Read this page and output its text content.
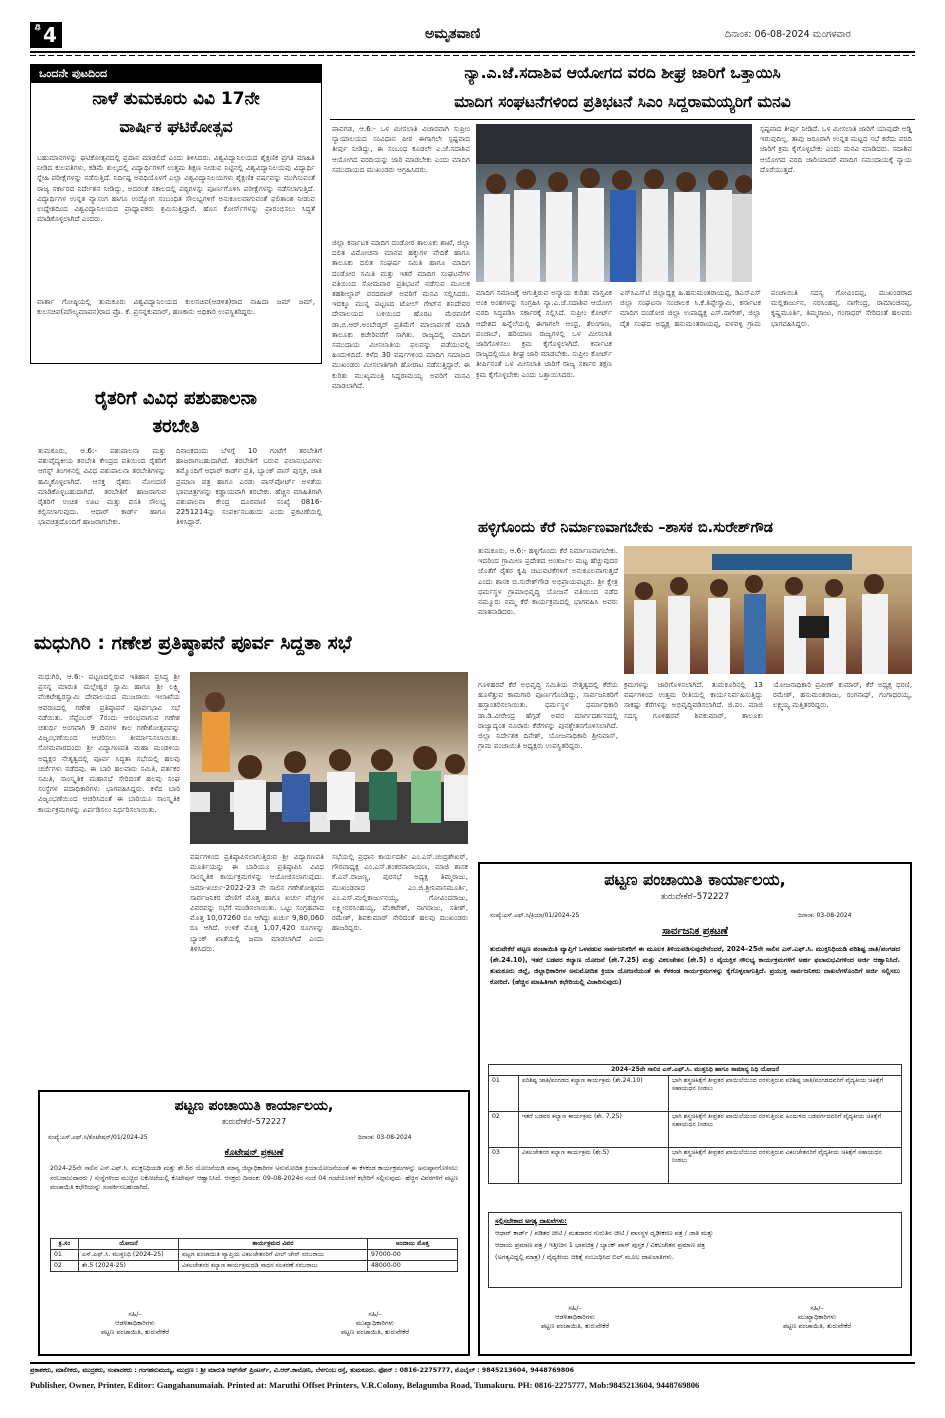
ಪು 4	ಅಮೃತವಾಣಿ	ದಿನಾಂಕ: 06-08-2024 ಮಂಗಳವಾರ
ಒಂದನೇ ಪುಟದಿಂದ
ನಾಳೆ ತುಮಕೂರು ವಿವಿ 17ನೇ
ವಾರ್ಷಿಕ ಘಟಿಕೋತ್ಸವ
ಬಹುಮಾನಗಳನ್ನು ಘಟಿಕೋತ್ಸವದಲ್ಲಿ ಪ್ರದಾನ ಮಾಡಲಿದೆ ಎಂದು ತಿಳಿಸಿದರು. ವಿಶ್ವವಿದ್ಯಾನಿಲಯದ ಶೈಕ್ಷಣಿಕ ಪ್ರಗತಿ ಮಾಹಿತಿ ನೀಡಿದ ಕುಲಪತಿಗಳು, ಕಡಿಮೆ ಶುಲ್ಕದಲ್ಲಿ ವಿದ್ಯಾರ್ಥಿಗಳಿಗೆ ಉತ್ತಮ ಶಿಕ್ಷಣ ನೀಡುವ ನಿಟ್ಟಿನಲ್ಲಿ ವಿಶ್ವವಿದ್ಯಾನಿಲಯವು ವಿದ್ಯಾರ್ಥಿ ಸ್ನೇಹಿ ಪರೀಕ್ಷೆಗಳನ್ನು ನಡೆಸುತ್ತಿದೆ. ನಿರ್ದಿಷ್ಟ ಅವಧಿಯೊಳಗೆ ಎಲ್ಲಾ ವಿಶ್ವವಿದ್ಯಾನಿಲಯಗಳು ಶೈಕ್ಷಣಿಕ ವರ್ಷವನ್ನು ಮುಗಿಸುವಂತೆ ರಾಜ್ಯ ಸರ್ಕಾರದ ನಿರ್ದೇಶನ ನೀಡಿದ್ದು, ಅದರಂತೆ ಸಕಾಲದಲ್ಲಿ ಪಠ್ಯಗಳನ್ನು ಪೂರ್ಣಗೊಳಿಸಿ ಪರೀಕ್ಷೆಗಳನ್ನು ನಡೆಸಲಾಗುತ್ತಿದೆ. ವಿದ್ಯಾರ್ಥಿಗಳ ಉನ್ನತ ವ್ಯಾಸಂಗ ಹಾಗೂ ಉದ್ಯೋಗ ಸಂಬಂಧಿತ ಸೌಲಭ್ಯಗಳಿಗೆ ಅನುಕೂಲವಾಗುವಂತೆ ಫಲಿತಾಂಶ ನೀಡುವ ಉದ್ದೇಶದಿಂದ ವಿಶ್ವವಿದ್ಯಾನಿಲಯದ ಪ್ರಾಧ್ಯಾಪಕರು ಶ್ರಮಿಸುತ್ತಿದ್ದಾರೆ. ಹೊಸ ಕೋರ್ಸ್‌ಗಳನ್ನು ಪ್ರಾರಂಭಿಸಲು ಸಿದ್ಧತೆ ಮಾಡಿಕೊಳ್ಳಲಾಗಿದೆ ಎಂದರು.
ವಾರ್ತಾ ಗೋಷ್ಠಿಯಲ್ಲಿ ತುಮಕೂರು ವಿಶ್ವವಿದ್ಯಾನಿಲಯದ ಕುಲಸಚಿವ(ಆಡಳಿತ)ರಾದ ನಾಹಿದಾ ಜಮ್ ಜಮ್, ಕುಲಸಚಿವ(ಮೌಲ್ಯಮಾಪನ)ರಾದ ಪ್ರೊ. ಕೆ. ಪ್ರಸನ್ನಕುಮಾರ್, ಹಣಕಾಸು ಅಧಿಕಾರಿ ಉಪಸ್ಥಿತರಿದ್ದರು.
ರೈತರಿಗೆ ವಿವಿಧ ಪಶುಪಾಲನಾ
ತರಬೇತಿ
ತುಮಕೂರು, ಆ.6:- ಪಶುಪಾಲನಾ ಮತ್ತು ಪಶುವೈದ್ಯಕೀಯ ತರಬೇತಿ ಕೇಂದ್ರದ ವತಿಯಿಂದ ರೈತರಿಗೆ ಆಗಸ್ಟ್ ತಿಂಗಳಿನಲ್ಲಿ ವಿವಿಧ ಪಶುಪಾಲನಾ ತರಬೇತಿಗಳನ್ನು ಹಮ್ಮಿಕೊಳ್ಳಲಾಗಿದೆ. ಆಸಕ್ತ ರೈತರು ನೋಂದಣಿ ಮಾಡಿಕೊಳ್ಳಬಹುದಾಗಿದೆ. ತರಬೇತಿಗೆ ಹಾಜರಾಗುವ ರೈತರಿಗೆ ಉಚಿತ ಊಟ ಮತ್ತು ವಸತಿ ಸೌಲಭ್ಯ ಕಲ್ಪಿಸಲಾಗುವುದು. ಆಧಾರ್ ಕಾರ್ಡ್ ಹಾಗೂ ಭಾವಚಿತ್ರದೊಂದಿಗೆ ಹಾಜರಾಗಬೇಕು.
ದಿನಾಂಕದಂದು ಬೆಳಗ್ಗೆ 10 ಗಂಟೆಗೆ ತರಬೇತಿಗೆ ಹಾಜರಾಗಬಹುದಾಗಿದೆ. ತರಬೇತಿಗೆ ಬರುವ ಫಲಾನುಭವಿಗಳು ತಮ್ಮೊಂದಿಗೆ ಆಧಾರ್ ಕಾರ್ಡ್ ಪ್ರತಿ, ಬ್ಯಾಂಕ್ ಪಾಸ್ ಪುಸ್ತಕ, ಜಾತಿ ಪ್ರಮಾಣ ಪತ್ರ ಹಾಗೂ ಎರಡು ಪಾಸ್‌ಪೋರ್ಟ್ ಅಳತೆಯ ಭಾವಚಿತ್ರಗಳನ್ನು ಕಡ್ಡಾಯವಾಗಿ ತರಬೇಕು. ಹೆಚ್ಚಿನ ಮಾಹಿತಿಗಾಗಿ ಪಶುಪಾಲನಾ ಕೇಂದ್ರ ದೂರವಾಣಿ ಸಂಖ್ಯೆ 0816-2251214ನ್ನು ಸಂಪರ್ಕಿಸಬಹುದು ಎಂದು ಪ್ರಕಟಣೆಯಲ್ಲಿ ತಿಳಿಸಿದ್ದಾರೆ.
ಮಧುಗಿರಿ : ಗಣೇಶ ಪ್ರತಿಷ್ಠಾಪನೆ ಪೂರ್ವ ಸಿದ್ದತಾ ಸಭೆ
ಮಧುಗಿರಿ, ಆ.6:- ಪಟ್ಟಣದಲ್ಲಿರುವ ಇತಿಹಾಸ ಪ್ರಸಿದ್ಧ ಶ್ರೀ ಪ್ರಸನ್ನ ಮಾರುತಿ ಮಲ್ಲೇಶ್ವರ ಸ್ವಾಮಿ ಹಾಗೂ ಶ್ರೀ ಲಕ್ಷ್ಮಿ ವೆಂಕಟೇಶ್ವರಸ್ವಾಮಿ ದೇವಾಲಯದ ಮುಜರಾಯಿ ಇಲಾಖೆಯ ಆವರಣದಲ್ಲಿ ಗಣೇಶ ಪ್ರತಿಷ್ಠಾಪನೆ ಪೂರ್ವಭಾವಿ ಸಭೆ ನಡೆಯಿತು. ಸೆಪ್ಟೆಂಬರ್ 7ರಂದು ಆರಂಭವಾಗುವ ಗಣೇಶ ಚತುರ್ಥಿ ಅಂಗವಾಗಿ 9 ದಿನಗಳ ಕಾಲ ಗಣೇಶೋತ್ಸವವನ್ನು ವಿಜೃಂಭಣೆಯಿಂದ ಆಚರಿಸಲು ತೀರ್ಮಾನಿಸಲಾಯಿತು. ಸೋಮವಾರದಂದು ಶ್ರೀ ವಿದ್ಯಾಗಣಪತಿ ಮಹಾ ಮಂಡಳಿಯ ಅಧ್ಯಕ್ಷರ ನೇತೃತ್ವದಲ್ಲಿ ಪೂರ್ವ ಸಿದ್ಧತಾ ಸಭೆಯಲ್ಲಿ ಹಲವು ಚರ್ಚೆಗಳು ನಡೆದವು. ಈ ಬಾರಿ ಹಲವಾರು ಸಮಿತಿ, ವರ್ತಕರ ಸಮಿತಿ, ಸಾಂಸ್ಕೃತಿಕ ಮಹಾಸಭೆ ಸೇರಿದಂತೆ ಹಲವು ಸಂಘ ಸಂಸ್ಥೆಗಳ ಪದಾಧಿಕಾರಿಗಳು ಭಾಗವಹಿಸಿದ್ದರು. ಕಳೆದ ಬಾರಿ ವಿಜೃಂಭಣೆಯಿಂದ ಆಚರಿಸಿದಂತೆ ಈ ಬಾರಿಯೂ ಸಾಂಸ್ಕೃತಿಕ ಕಾರ್ಯಕ್ರಮಗಳನ್ನು ಏರ್ಪಡಿಸಲು ನಿರ್ಧರಿಸಲಾಯಿತು.
ವರ್ಷಗಳಿಂದ ಪ್ರತಿಷ್ಠಾಪಿಸಲಾಗುತ್ತಿರುವ ಶ್ರೀ ವಿದ್ಯಾಗಣಪತಿ ಮೂರ್ತಿಯನ್ನು ಈ ಬಾರಿಯೂ ಪ್ರತಿಷ್ಠಾಪಿಸಿ ವಿವಿಧ ಸಾಂಸ್ಕೃತಿಕ ಕಾರ್ಯಕ್ರಮಗಳನ್ನು ಆಯೋಜಿಸಲಾಗುವುದು. ಜಮಾ-ಖರ್ಚು-2022-23 ನೇ ಸಾಲಿನ ಗಣೇಶೋತ್ಸವದ ಸಾರ್ವಜನಿಕರ ದೇಣಿಗೆ ಮೊತ್ತ ಹಾಗೂ ಖರ್ಚು ವೆಚ್ಚಗಳ ವಿವರವನ್ನು ಸಭೆಗೆ ಮಂಡಿಸಲಾಯಿತು. ಒಟ್ಟು ಸಂಗ್ರಹವಾದ ಮೊತ್ತ 10,07260 ರೂ ಆಗಿದ್ದು ಖರ್ಚು 9,80,060 ರೂ ಆಗಿದೆ. ಉಳಿಕೆ ಮೊತ್ತ 1,07,420 ರೂಗಳನ್ನು ಬ್ಯಾಂಕ್ ಖಾತೆಯಲ್ಲಿ ಜಮಾ ಮಾಡಲಾಗಿದೆ ಎಂದು ತಿಳಿಸಿದರು.
ಸಭೆಯಲ್ಲಿ ಪ್ರಧಾನ ಕಾರ್ಯದರ್ಶಿ ಎಂ.ಎಸ್.ಚಂದ್ರಶೇಖರ್, ಗೌರವಾಧ್ಯಕ್ಷ ಎಂ.ಎಸ್.ಶಂಕರನಾರಾಯಣ, ಮಾಜಿ ಶಾಸಕ ಕೆ.ಎನ್.ರಾಜಣ್ಣ, ಪುರಸಭೆ ಅಧ್ಯಕ್ಷ ತಿಮ್ಮರಾಜು, ಮುಖಂಡರಾದ ಎಂ.ಜಿ.ಶ್ರೀನಿವಾಸಮೂರ್ತಿ, ಎಂ.ಎಸ್.ಮಲ್ಲಿಕಾರ್ಜುನಯ್ಯ, ಗೋವಿಂದರಾಜು, ಲಕ್ಷ್ಮೀನರಸಿಂಹಯ್ಯ, ವೆಂಕಟೇಶ್, ನಾಗರಾಜು, ಸತೀಶ್, ರಮೇಶ್, ಶಿವಕುಮಾರ್ ಸೇರಿದಂತೆ ಹಲವು ಮುಖಂಡರು ಹಾಜರಿದ್ದರು.
ನ್ಯಾ.ಎ.ಜೆ.ಸದಾಶಿವ ಆಯೋಗದ ವರದಿ ಶೀಘ್ರ ಜಾರಿಗೆ ಒತ್ತಾಯಿಸಿ
ಮಾದಿಗ ಸಂಘಟನೆಗಳಿಂದ ಪ್ರತಿಭಟನೆ ಸಿಎಂ ಸಿದ್ದರಾಮಯ್ಯರಿಗೆ ಮನವಿ
ಪಾವಗಡ, ಆ.6:- ಒಳ ಮೀಸಲಾತಿ ವಿಚಾರವಾಗಿ ಸುಪ್ರೀಂ ನ್ಯಾಯಾಲಯದ ಸಂವಿಧಾನ ಪೀಠ ಈಗಾಗಲೇ ಸ್ಪಷ್ಟವಾದ ತೀರ್ಪು ನೀಡಿದ್ದು, ಈ ಸಂಬಂಧ ಕೂಡಲೇ ಎ.ಜೆ.ಸದಾಶಿವ ಆಯೋಗದ ವರದಿಯನ್ನು ಜಾರಿ ಮಾಡಬೇಕು ಎಂದು ಮಾದಿಗ ಸಮುದಾಯದ ಮುಖಂಡರು ಆಗ್ರಹಿಸಿದರು.
ಸ್ಪಷ್ಟವಾದ ತೀರ್ಪು ನೀಡಿದೆ. ಒಳ ಮೀಸಲಾತಿ ಜಾರಿಗೆ ಯಾವುದೇ ಅಡ್ಡಿ ಇರುವುದಿಲ್ಲ. ತಾವು ಜರೂರಾಗಿ ಉನ್ನತ ಮಟ್ಟದ ಸಭೆ ಕರೆದು ವರದಿ ಜಾರಿಗೆ ಕ್ರಮ ಕೈಗೊಳ್ಳಬೇಕು ಎಂದು ಮನವಿ ಮಾಡಿದರು. ಸದಾಶಿವ ಆಯೋಗದ ವರದಿ ಜಾರಿಯಾದರೆ ಮಾದಿಗ ಸಮುದಾಯಕ್ಕೆ ನ್ಯಾಯ ದೊರೆಯುತ್ತದೆ.
ಜಿಲ್ಲಾ ಕರ್ನಾಟಕ ಮಾದಿಗ ದಂಡೋರ ತಾಲೂಕು ಶಾಖೆ, ಜಿಲ್ಲಾ ದಲಿತ ವಿಮೋಚನಾ ಮಾನವ ಹಕ್ಕುಗಳ ವೇದಿಕೆ ಹಾಗೂ ತಾಲೂಕು ದಲಿತ ಸಂಘರ್ಷ ಸಮಿತಿ ಹಾಗೂ ಮಾದಿಗ ದಂಡೋರ ಸಮಿತಿ ಮತ್ತು ಇತರೆ ಮಾದಿಗ ಸಂಘಟನೆಗಳ ವತಿಯಿಂದ ಸೋಮವಾರ ಪ್ರತಿಭಟನೆ ನಡೆಸುವ ಮೂಲಕ ತಹಶೀಲ್ದಾರ್ ವರದರಾಜ್ ಅವರಿಗೆ ಮನವಿ ಸಲ್ಲಿಸಿದರು. ಇದಕ್ಕೂ ಮುನ್ನ ಪಟ್ಟಣದ ಟೋಲ್ ಗೇಟ್‌ನ ಶನಿದೇವರ ದೇವಾಲಯದ ಬಳಿಯಿಂದ ಹೊರಟ ಮೆರವಣಿಗೆ ಡಾ.ಬಿ.ಆರ್.ಅಂಬೇಡ್ಕರ್ ಪ್ರತಿಮೆಗೆ ಮಾಲಾರ್ಪಣೆ ಮಾಡಿ ತಾಲೂಕು ಕಚೇರಿವರೆಗೆ ಸಾಗಿತು. ರಾಜ್ಯದಲ್ಲಿ ಮಾದಿಗ ಸಮುದಾಯ ಮೀಸಲಾತಿಯ ಫಲವನ್ನು ಪಡೆಯುವಲ್ಲಿ ಹಿಂದುಳಿದಿದೆ. ಕಳೆದ 30 ವರ್ಷಗಳಿಂದ ಮಾದಿಗ ಸಮಾಜದ ಮುಖಂಡರು ಮೀಸಲಾತಿಗಾಗಿ ಹೋರಾಟ ನಡೆಸುತ್ತಿದ್ದಾರೆ. ಈ ಕುರಿತು ಮುಖ್ಯಮಂತ್ರಿ ಸಿದ್ದರಾಮಯ್ಯ ಅವರಿಗೆ ಮನವಿ ಮಾಡಲಾಗಿದೆ.
ಮಾದಿಗ ಸಮಾಜಕ್ಕೆ ಆಗುತ್ತಿರುವ ಅನ್ಯಾಯ ಕುರಿತು ವಾಸ್ತವಿಕ ಅಂಕಿ ಅಂಶಗಳನ್ನು ಸಂಗ್ರಹಿಸಿ ನ್ಯಾ.ಎ.ಜೆ.ಸದಾಶಿವ ಆಯೋಗ ವರದಿ ಸಿದ್ಧಪಡಿಸಿ ಸರ್ಕಾರಕ್ಕೆ ಸಲ್ಲಿಸಿದೆ. ಸುಪ್ರೀಂ ಕೋರ್ಟ್ ಆದೇಶದ ಹಿನ್ನೆಲೆಯಲ್ಲಿ ಈಗಾಗಲೇ ಆಂಧ್ರ, ತೆಲಂಗಾಣ, ಪಂಜಾಬ್, ಹರಿಯಾಣ ರಾಜ್ಯಗಳಲ್ಲಿ ಒಳ ಮೀಸಲಾತಿ ಜಾರಿಗೊಳಿಸಲು ಕ್ರಮ ಕೈಗೊಳ್ಳಲಾಗಿದೆ. ಕರ್ನಾಟಕ ರಾಜ್ಯದಲ್ಲಿಯೂ ಶೀಘ್ರ ಜಾರಿ ಮಾಡಬೇಕು. ಸುಪ್ರೀಂ ಕೋರ್ಟ್ ತೀರ್ಪಿನಂತೆ ಒಳ ಮೀಸಲಾತಿ ಜಾರಿಗೆ ರಾಜ್ಯ ಸರ್ಕಾರ ತಕ್ಷಣ ಕ್ರಮ ಕೈಗೊಳ್ಳಬೇಕು ಎಂದು ಒತ್ತಾಯಿಸಿದರು.
ಎಸ್‌ಸಿಎಸ್‌ಟಿ ಜಿಲ್ಲಾಧ್ಯಕ್ಷ ಹಿ.ಹನುಮಂತರಾಯಪ್ಪ, ಡಿಎಸ್‌ಎಸ್ ಜಿಲ್ಲಾ ಸಂಘಟನಾ ಸಂಚಾಲಕ ಸಿ.ಕೆ.ತಿಪ್ಪೇಸ್ವಾಮಿ, ಕರ್ನಾಟಕ ಮಾದಿಗ ದಂಡೋರ ಜಿಲ್ಲಾ ಉಪಾಧ್ಯಕ್ಷ ಎಸ್.ನಾಗೇಶ್, ಜಿಲ್ಲಾ ದೈತ ಸಂಘದ ಅಧ್ಯಕ್ಷ ಹನುಮಂತರಾಯಪ್ಪ, ಪಳವಳ್ಳಿ ಗ್ರಾಮ ಪಂಚಾಯಿತಿ ಸದಸ್ಯ ಗೋವಿಂದಪ್ಪ, ಮುಖಂಡರಾದ ಮಲ್ಲಿಕಾರ್ಜುನ, ನರಸಿಂಹಪ್ಪ, ನಾಗೇಂದ್ರ, ರಾಮಾಂಜಿನಪ್ಪ, ಕೃಷ್ಣಮೂರ್ತಿ, ತಿಮ್ಮರಾಜು, ಗಂಗಾಧರ್ ಸೇರಿದಂತೆ ಹಲವರು ಭಾಗವಹಿಸಿದ್ದರು.
ಹಳ್ಳಿಗೊಂದು ಕೆರೆ ನಿರ್ಮಾಣವಾಗಬೇಕು –ಶಾಸಕ ಬಿ.ಸುರೇಶ್‌ಗೌಡ
ತುಮಕೂರು, ಆ.6:- ಹಳ್ಳಿಗೊಂದು ಕೆರೆ ನಿರ್ಮಾಣವಾಗಬೇಕು. ಇದರಿಂದ ಗ್ರಾಮೀಣ ಪ್ರದೇಶದ ಅಂತರ್ಜಲ ಮಟ್ಟ ಹೆಚ್ಚುವುದರ ಜೊತೆಗೆ ರೈತರ ಕೃಷಿ ಚಟುವಟಿಕೆಗಳಿಗೆ ಅನುಕೂಲವಾಗುತ್ತದೆ ಎಂದು ಶಾಸಕ ಬಿ.ಸುರೇಶ್‌ಗೌಡ ಅಭಿಪ್ರಾಯಪಟ್ಟರು. ಶ್ರೀ ಕ್ಷೇತ್ರ ಧರ್ಮಸ್ಥಳ ಗ್ರಾಮಾಭಿವೃದ್ಧಿ ಯೋಜನೆ ವತಿಯಿಂದ ನಡೆದ ನಮ್ಮೂರು ನಮ್ಮ ಕೆರೆ ಕಾರ್ಯಕ್ರಮದಲ್ಲಿ ಭಾಗವಹಿಸಿ ಅವರು ಮಾತನಾಡಿದರು.
ಗೂಳಿಹರವೆ ಕೆರೆ ಅಭಿವೃದ್ಧಿ ಸಮಿತಿಯ ನೇತೃತ್ವದಲ್ಲಿ ಕೆರೆಯ ಹೂಳೆತ್ತುವ ಕಾಮಗಾರಿ ಪೂರ್ಣಗೊಂಡಿದ್ದು, ಸಾರ್ವಜನಿಕರಿಗೆ ಹಸ್ತಾಂತರಿಸಲಾಯಿತು. ಧರ್ಮಸ್ಥಳ ಧರ್ಮಾಧಿಕಾರಿ ಡಾ.ಡಿ.ವೀರೇಂದ್ರ ಹೆಗ್ಗಡೆ ಅವರ ಮಾರ್ಗದರ್ಶನದಲ್ಲಿ ರಾಜ್ಯಾದ್ಯಂತ ನೂರಾರು ಕೆರೆಗಳನ್ನು ಪುನಶ್ಚೇತನಗೊಳಿಸಲಾಗಿದೆ. ಜಿಲ್ಲಾ ನಿರ್ದೇಶಕ ದಿನೇಶ್, ಯೋಜನಾಧಿಕಾರಿ ಶ್ರೀನಿವಾಸ್, ಗ್ರಾಮ ಪಂಚಾಯಿತಿ ಅಧ್ಯಕ್ಷರು ಉಪಸ್ಥಿತರಿದ್ದರು.
ಕ್ರಮಗಳನ್ನು ಜಾರಿಗೊಳಿಸಲಾಗಿದೆ. ತುಮಕೂರಿನಲ್ಲಿ 13 ವರ್ಷಗಳಿಂದ ಉತ್ತಮ ರೀತಿಯಲ್ಲಿ ಕಾರ್ಯನಿರ್ವಹಿಸುತ್ತಿದ್ದು ಸಾಕಷ್ಟು ಕೆರೆಗಳನ್ನು ಅಭಿವೃದ್ಧಿಪಡಿಸಲಾಗಿದೆ. ಜಿ.ಪಂ. ಮಾಜಿ ಸದಸ್ಯ ಗೂಳಿಹರವೆ ಶಿವಕುಮಾರ್, ತಾಲೂಕು ಯೋಜನಾಧಿಕಾರಿ ಪ್ರವೀಣ್ ಕುಮಾರ್, ಕೆರೆ ಅಧ್ಯಕ್ಷ ಧರಣಿ, ರಮೇಶ್, ಹನುಮಂತರಾಜು, ರಂಗನಾಥ್, ಗಂಗಾಧರಯ್ಯ, ಲಕ್ಷ್ಮಯ್ಯ ಮತ್ತಿತರರಿದ್ದರು.
ಪಟ್ಟಣ ಪಂಚಾಯಿತಿ ಕಾರ್ಯಾಲಯ,
ತುರುವೇಕೆರೆ–572227
ಸಂಖ್ಯೆ:ಎಸ್.ಎಫ್.ಸಿ/ಕೊಟೇಷನ್/01/2024-25	ದಿನಾಂಕ: 03-08-2024
ಕೊಟೇಷನ್ ಪ್ರಕಟಣೆ
2024-25ನೇ ಸಾಲಿನ ಎಸ್.ಎಫ್.ಸಿ. ಮುಕ್ತನಿಧಿಯಡಿ ಮತ್ತು ಶೇ.5ರ ಯೋಜನೆಯಡಿ ಮಾನ್ಯ ಜಿಲ್ಲಾಧಿಕಾರಿಗಳ ಅನುಮೋದಿತ ಕ್ರಿಯಾಯೋಜನೆಯಂತೆ ಈ ಕೆಳಕಂಡ ಕಾರ್ಯಕ್ರಮಗಳನ್ನು ಅನುಷ್ಠಾನಗೊಳಿಸಲು ಸರಬರಾಜುದಾರರು / ಸಂಸ್ಥೆಗಳಿಂದ ಮುಚ್ಚಿದ ಲಕೋಟೆಯಲ್ಲಿ ಕೊಟೇಷನ್ ಆಹ್ವಾನಿಸಿದೆ. ಆಸಕ್ತರು ದಿನಾಂಕ: 09-08-2024ರ ಸಂಜೆ 04 ಗಂಟೆಯೊಳಗೆ ಕಛೇರಿಗೆ ಸಲ್ಲಿಸುವುದು. ಹೆಚ್ಚಿನ ವಿವರಗಳಿಗೆ ಪಟ್ಟಣ ಪಂಚಾಯಿತಿ ಕಛೇರಿಯನ್ನು ಸಂಪರ್ಕಿಸಬಹುದಾಗಿದೆ.
ಕ್ರ.ಸಂ	ಯೋಜನೆ	ಕಾರ್ಯಕ್ರಮದ ವಿವರ	ಅಂದಾಜು ಮೊತ್ತ
01	ಎಸ್.ಎಫ್.ಸಿ. ಮುಕ್ತನಿಧಿ (2024-25)	ಪಟ್ಟಣ ಪಂಚಾಯಿತಿ ವ್ಯಾಪ್ತಿಯ ವಿಕಲಚೇತನರಿಗೆ ವೀಲ್ ಚೇರ್ ಸರಬರಾಜು	97000-00
02	ಶೇ.5 (2024-25)	ವಿಕಲಚೇತನರ ಕಲ್ಯಾಣ ಕಾರ್ಯಕ್ರಮದಡಿ ಸಾಧನ ಸಲಕರಣೆ ಸರಬರಾಜು	48000-00
ಸಹಿ/–
ಆಡಳಿತಾಧಿಕಾರಿಗಳು
ಪಟ್ಟಣ ಪಂಚಾಯಿತಿ, ತುರುವೇಕೆರೆ
ಸಹಿ/–
ಮುಖ್ಯಾಧಿಕಾರಿಗಳು
ಪಟ್ಟಣ ಪಂಚಾಯಿತಿ, ತುರುವೇಕೆರೆ
ಪಟ್ಟಣ ಪಂಚಾಯಿತಿ ಕಾರ್ಯಾಲಯ,
ತುರುವೇಕೆರೆ–572227
ಸಂಖ್ಯೆ:ಎಸ್.ಎಫ್.ಸಿ/ಕ್ರಿಯಾ/01/2024-25	ದಿನಾಂಕ: 03-08-2024
ಸಾರ್ವಜನಿಕ ಪ್ರಕಟಣೆ
ತುರುವೇಕೆರೆ ಪಟ್ಟಣ ಪಂಚಾಯಿತಿ ವ್ಯಾಪ್ತಿಗೆ ಒಳಪಡುವ ಸಾರ್ವಜನಿಕರಿಗೆ ಈ ಮೂಲಕ ತಿಳಿಯಪಡಿಸುವುದೇನೆಂದರೆ, 2024–25ನೇ ಸಾಲಿನ ಎಸ್.ಎಫ್.ಸಿ. ಮುಕ್ತನಿಧಿಯಡಿ ಪರಿಶಿಷ್ಟ ಜಾತಿ/ಪಂಗಡದ (ಶೇ.24.10), ಇತರೆ ಬಡವರ ಕಲ್ಯಾಣ ಯೋಜನೆ (ಶೇ.7.25) ಮತ್ತು ವಿಕಲಚೇತನ (ಶೇ.5) ರ ವೈಯಕ್ತಿಕ ಸೌಲಭ್ಯ ಕಾರ್ಯಕ್ರಮಗಳಿಗೆ ಅರ್ಹ ಫಲಾನುಭವಿಗಳಿಂದ ಅರ್ಜಿ ಆಹ್ವಾನಿಸಿದೆ. ತುಮಕೂರು ಜಿಲ್ಲೆ, ಜಿಲ್ಲಾಧಿಕಾರಿಗಳ ಅನುಮೋದಿತ ಕ್ರಿಯಾ ಯೋಜನೆಯಂತೆ ಈ ಕೆಳಕಂಡ ಕಾರ್ಯಕ್ರಮಗಳನ್ನು ಕೈಗೊಳ್ಳಲಾಗುತ್ತಿದೆ. ಪ್ರಯುಕ್ತ ಸಾರ್ವಜನಿಕರು ದಾಖಲೆಗಳೊಂದಿಗೆ ಅರ್ಜಿ ಸಲ್ಲಿಸಲು ಕೋರಿದೆ. (ಹೆಚ್ಚಿನ ಮಾಹಿತಿಗಾಗಿ ಕಛೇರಿಯಲ್ಲಿ ವಿಚಾರಿಸುವುದು)
2024–25ನೇ ಸಾಲಿನ ಎಸ್.ಎಫ್.ಸಿ. ಮುಕ್ತನಿಧಿ ಹಾಗೂ ಸಾಮಾನ್ಯ ನಿಧಿ ಯೋಜನೆ		
01	ಪರಿಶಿಷ್ಟ ಜಾತಿ/ಪಂಗಡದ ಕಲ್ಯಾಣ ಕಾರ್ಯಕ್ರಮ (ಶೇ.24.10)	ಭಾಗಿ ಶಸ್ತ್ರಚಿಕಿತ್ಸೆಗೆ ತೀವ್ರತರ ಖಾಯಿಲೆಯಿಂದ ನರಳುತ್ತಿರುವ ಪರಿಶಿಷ್ಟ ಜಾತಿ/ಪಂಗಡದವರಿಗೆ ವೈದ್ಯಕೀಯ ಚಿಕಿತ್ಸೆಗೆ ಸಹಾಯಧನ ನೀಡಲು
02	ಇತರೆ ಬಡವರ ಕಲ್ಯಾಣ ಕಾರ್ಯಕ್ರಮ (ಶೇ. 7.25)	ಭಾಗಿ ಶಸ್ತ್ರಚಿಕಿತ್ಸೆಗೆ ತೀವ್ರತರ ಖಾಯಿಲೆಯಿಂದ ನರಳುತ್ತಿರುವ ಹಿಂದುಳಿದ ಬಡವರ್ಗದವರಿಗೆ ವೈದ್ಯಕೀಯ ಚಿಕಿತ್ಸೆಗೆ ಸಹಾಯಧನ ನೀಡಲು
03	ವಿಕಲಚೇತನರ ಕಲ್ಯಾಣ ಕಾರ್ಯಕ್ರಮ (ಶೇ.5)	ಭಾಗಿ ಶಸ್ತ್ರಚಿಕಿತ್ಸೆಗೆ ತೀವ್ರತರ ಖಾಯಿಲೆಯಿಂದ ನರಳುತ್ತಿರುವ ವಿಕಲಚೇತನರಿಗೆ ವೈದ್ಯಕೀಯ ಚಿಕಿತ್ಸೆಗೆ ಸಹಾಯಧನ ನೀಡಲು
ಸಲ್ಲಿಸಬೇಕಾದ ಅಗತ್ಯ ದಾಖಲೆಗಳು:
ಆಧಾರ್ ಕಾರ್ಡ್ / ಪಡಿತರ ಚೀಟಿ / ಮತದಾರರ ಗುರುತಿನ ಚೀಟಿ / ವಾಸಸ್ಥಳ ದೃಢೀಕರಣ ಪತ್ರ / ಜಾತಿ ಮತ್ತು
ಆದಾಯ ಪ್ರಮಾಣ ಪತ್ರ / ಇತ್ತೀಚಿನ 1 ಭಾವಚಿತ್ರ / ಬ್ಯಾಂಕ್ ಪಾಸ್ ಪುಸ್ತಕ / ವಿಕಲಚೇತನ ಪ್ರಮಾಣ ಪತ್ರ
(ಅಗತ್ಯವಿದ್ದಲ್ಲಿ ಮಾತ್ರ) / ವೈದ್ಯಕೀಯ ಚಿಕಿತ್ಸೆ ಸಂಬಂಧಿಸಿದ ಬಿಲ್ ಮೂಲ ದಾಖಲಾತಿಗಳು.
ಸಹಿ/–
ಆಡಳಿತಾಧಿಕಾರಿಗಳು
ಪಟ್ಟಣ ಪಂಚಾಯಿತಿ, ತುರುವೇಕೆರೆ
ಸಹಿ/–
ಮುಖ್ಯಾಧಿಕಾರಿಗಳು
ಪಟ್ಟಣ ಪಂಚಾಯಿತಿ, ತುರುವೇಕೆರೆ
ಪ್ರಕಾಶಕರು, ಮಾಲೀಕರು, ಮುದ್ರಕರು, ಸಂಪಾದಕರು : ಗಂಗಹನುಮಯ್ಯ, ಮುದ್ರಣ : ಶ್ರೀ ಮಾರುತಿ ಆಫ್‌ಸೆಟ್ ಪ್ರಿಂಟರ್ಸ್, ವಿ.ಆರ್.ಕಾಲೋನಿ, ಬೆಳಗುಂಬ ರಸ್ತೆ, ತುಮಕೂರು. ಫೋನ್ : 0816-2275777, ಮೊಬೈಲ್ : 9845213604, 9448769806
Publisher, Owner, Printer, Editor: Gangahanumaiah. Printed at: Maruthi Offset Printers, V.R.Colony, Belagumba Road, Tumakuru. PH: 0816-2275777, Mob:9845213604, 9448769806
